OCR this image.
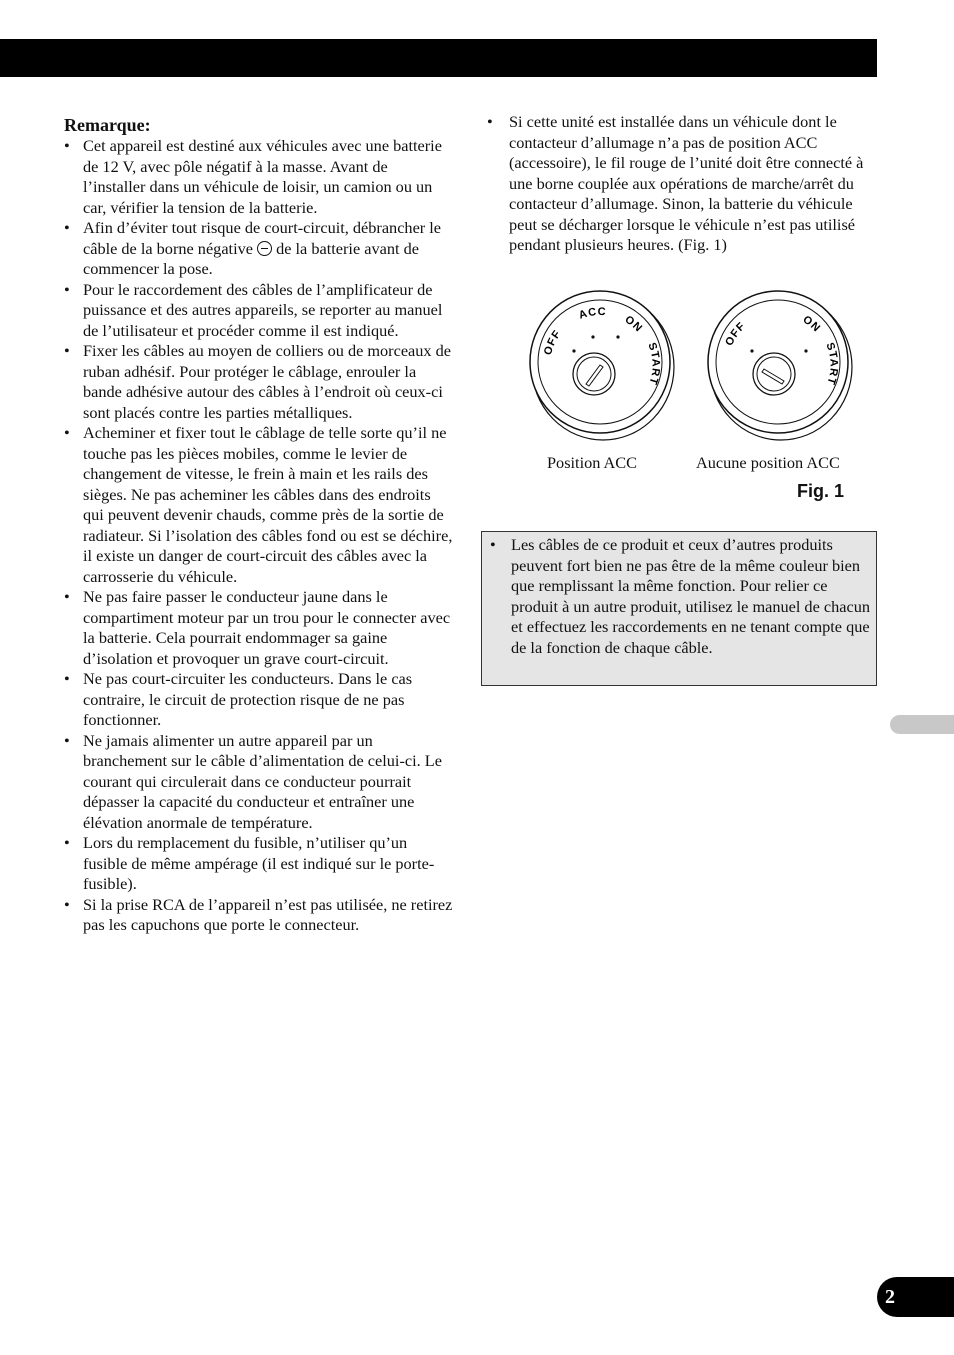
Remarque:
• Cet appareil est destiné aux véhicules avec une batterie de 12 V, avec pôle négatif à la masse. Avant de l’installer dans un véhicule de loisir, un camion ou un car, vérifier la tension de la batterie.
• Afin d’éviter tout risque de court-circuit, débrancher le câble de la borne négative  de la batterie avant de commencer la pose.
• Pour le raccordement des câbles de l’amplificateur de puissance et des autres appareils, se reporter au manuel de l’utilisateur et procéder comme il est indiqué.
• Fixer les câbles au moyen de colliers ou de morceaux de ruban adhésif. Pour protéger le câblage, enrouler la bande adhésive autour des câbles à l’endroit où ceux-ci sont placés contre les parties métalliques.
• Acheminer et fixer tout le câblage de telle sorte qu’il ne touche pas les pièces mobiles, comme le levier de changement de vitesse, le frein à main et les rails des sièges. Ne pas acheminer les câbles dans des endroits qui peuvent devenir chauds, comme près de la sortie de radiateur. Si l’isolation des câbles fond ou est se déchire, il existe un danger de court-circuit des câbles avec la carrosserie du véhicule.
• Ne pas faire passer le conducteur jaune dans le compartiment moteur par un trou pour le connecter avec la batterie. Cela pourrait endommager sa gaine d’isolation et provoquer un grave court-circuit.
• Ne pas court-circuiter les conducteurs. Dans le cas contraire, le circuit de protection risque de ne pas fonctionner.
• Ne jamais alimenter un autre appareil par un branchement sur le câble d’alimentation de celui-ci. Le courant qui circulerait dans ce conducteur pourrait dépasser la capacité du conducteur et entraîner une élévation anormale de température.
• Lors du remplacement du fusible, n’utiliser qu’un fusible de même ampérage (il est indiqué sur le porte-fusible).
• Si la prise RCA de l’appareil n’est pas utilisée, ne retirez pas les capuchons que porte le connecteur.
• Si cette unité est installée dans un véhicule dont le contacteur d’allumage n’a pas de position ACC (accessoire), le fil rouge de l’unité doit être connecté à une borne couplée aux opérations de marche/arrêt du contacteur d’allumage. Sinon, la batterie du véhicule peut se décharger lorsque le véhicule n’est pas utilisé pendant plusieurs heures. (Fig. 1)
OFF
ACC
ON
START
OFF	ON
START
Position ACC	Aucune position ACC
Fig. 1
• Les câbles de ce produit et ceux d’autres produits peuvent fort bien ne pas être de la même couleur bien que remplissant la même fonction. Pour relier ce produit à un autre produit, utilisez le manuel de chacun et effectuez les raccordements en ne tenant compte que de la fonction de chaque câble.
2
